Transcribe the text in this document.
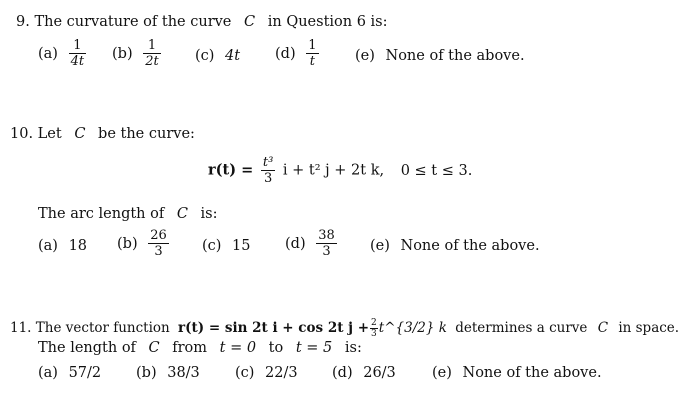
9. The curvature of the curve C in Question 6 is:
$(a) \frac{1}{4t} (b) \frac{1}{2t} (c)$ 4t $(d) \frac{1}{t}$	(e) None of the above.
10. Let C be the curve:
$r(t) = \frac{\text{t³}}{3}$ i + t² j + 2t k, 0 ≤ t ≤ 3.
The arc length of C is:
(a) 18 $(b) \frac{26}{3} (c)$ 15 $(d) \frac{38}{3} (e)$ None of the above.
11. The vector function r(t) = sin 2t i + cos 2t $j + \frac{2}{3}$ t^{3/2} k determines a curve C in space.
The length of C from t = 0 to t = 5 is:
(a) 57/2 (b) 38/3 (c) 22/3 (d) 26/3 (e) None of the above.
